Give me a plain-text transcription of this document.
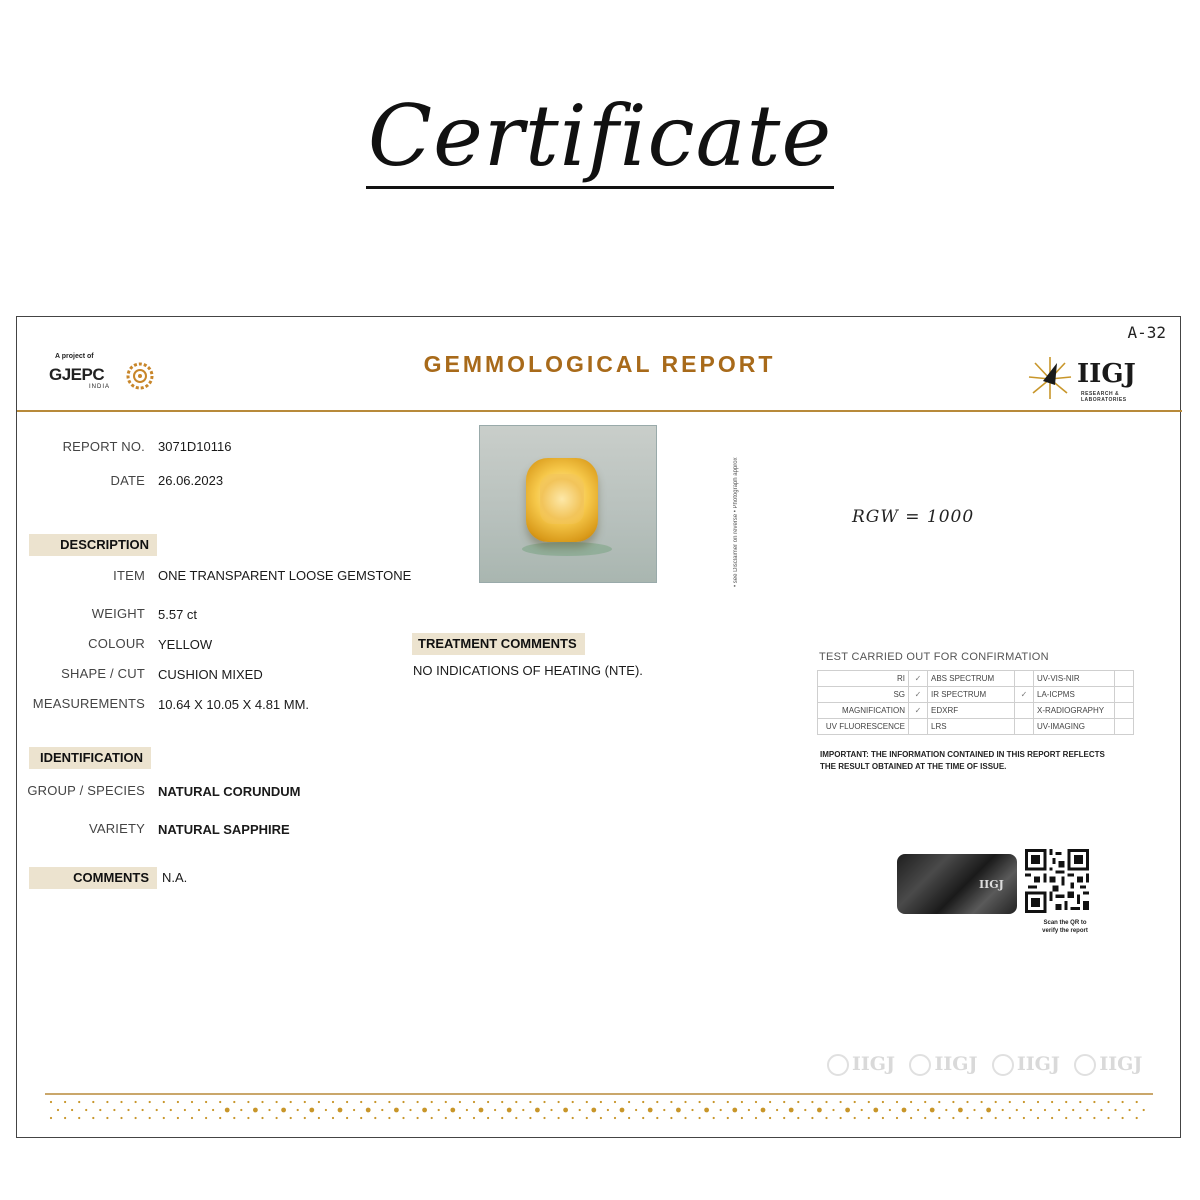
Certificate
A-32
A project of
GJEPC
INDIA
GEMMOLOGICAL REPORT	IIGJ
RESEARCH & LABORATORIES
REPORT NO. 3071D10116
DATE 26.06.2023
DESCRIPTION
ITEM ONE TRANSPARENT LOOSE GEMSTONE
WEIGHT 5.57 ct
COLOUR YELLOW
SHAPE / CUT CUSHION MIXED
MEASUREMENTS 10.64 X 10.05 X 4.81 MM.
IDENTIFICATION
GROUP / SPECIES NATURAL CORUNDUM
VARIETY NATURAL SAPPHIRE
COMMENTS	N.A.
• see Disclaimer on reverse • Photograph approx	RGW = 1000
TREATMENT COMMENTS
NO INDICATIONS OF HEATING (NTE).
TEST CARRIED OUT FOR CONFIRMATION
RI	✓	ABS SPECTRUM		UV-VIS-NIR	
SG	✓	IR SPECTRUM	✓	LA-ICPMS	
MAGNIFICATION	✓	EDXRF		X-RADIOGRAPHY	
UV FLUORESCENCE		LRS		UV-IMAGING	
IMPORTANT: THE INFORMATION CONTAINED IN THIS REPORT REFLECTS THE RESULT OBTAINED AT THE TIME OF ISSUE.
IIGJ
Scan the QR to verify the report
IIGJ IIGJ IIGJ IIGJ
